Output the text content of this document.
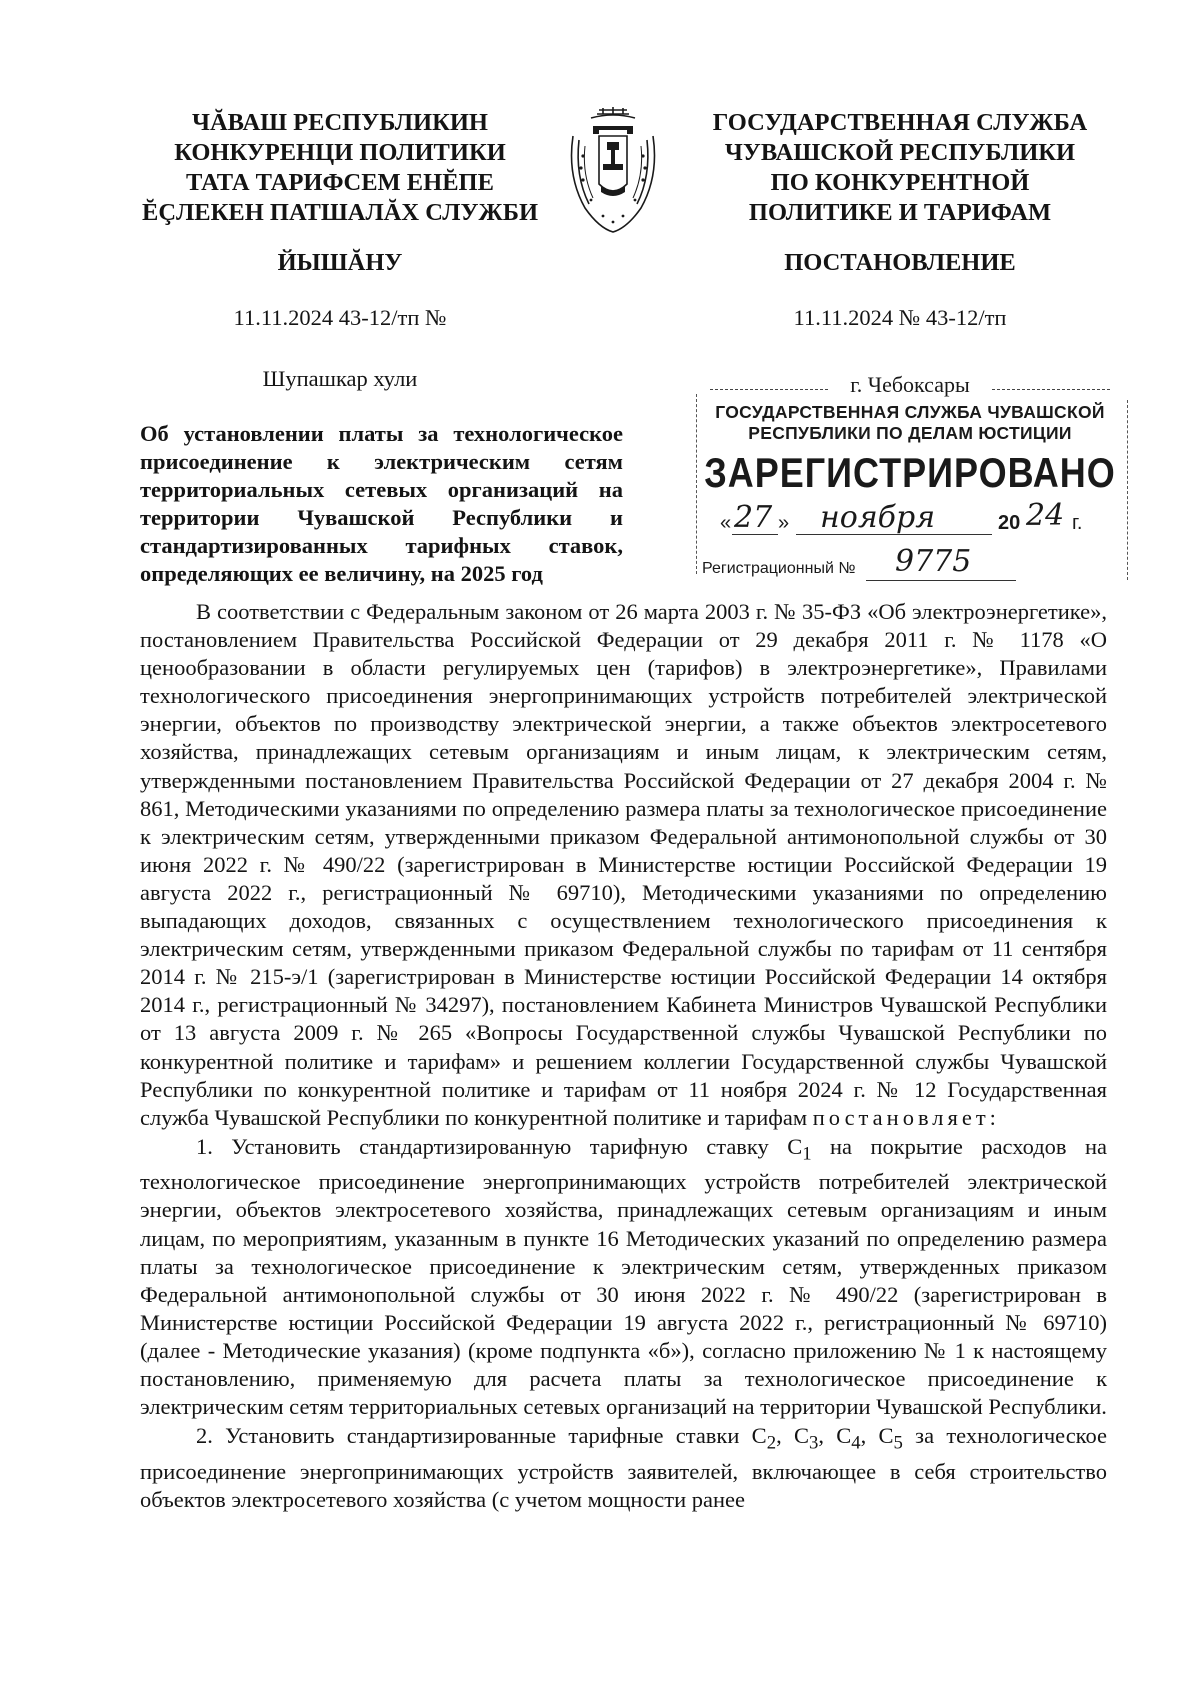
ЧĂВАШ РЕСПУБЛИКИН
КОНКУРЕНЦИ ПОЛИТИКИ
ТАТА ТАРИФСЕМ ЕНĔПЕ
ĔÇЛЕКЕН ПАТШАЛĂХ СЛУЖБИ
ГОСУДАРСТВЕННАЯ СЛУЖБА
ЧУВАШСКОЙ РЕСПУБЛИКИ
ПО КОНКУРЕНТНОЙ
ПОЛИТИКЕ И ТАРИФАМ
ЙЫШĂНУ	ПОСТАНОВЛЕНИЕ
11.11.2024 43-12/тп №	11.11.2024 № 43-12/тп
Шупашкар хули	г. Чебоксары
ГОСУДАРСТВЕННАЯ СЛУЖБА ЧУВАШСКОЙ
РЕСПУБЛИКИ ПО ДЕЛАМ ЮСТИЦИИ
ЗАРЕГИСТРИРОВАНО
« 27 » ноября	20 24 г.
Регистрационный № 9775
Об установлении платы за технологическое
присоединение к электрическим сетям
территориальных сетевых организаций на
территории Чувашской Республики и
стандартизированных тарифных ставок,
определяющих ее величину, на 2025 год

В соответствии с Федеральным законом от 26 марта 2003 г. № 35-ФЗ «Об электроэнергетике», постановлением Правительства Российской Федерации от 29 декабря 2011 г. № 1178 «О ценообразовании в области регулируемых цен (тарифов) в электроэнергетике», Правилами технологического присоединения энергопринимающих устройств потребителей электрической энергии, объектов по производству электрической энергии, а также объектов электросетевого хозяйства, принадлежащих сетевым организациям и иным лицам, к электрическим сетям, утвержденными постановлением Правительства Российской Федерации от 27 декабря 2004 г. № 861, Методическими указаниями по определению размера платы за технологическое присоединение к электрическим сетям, утвержденными приказом Федеральной антимонопольной службы от 30 июня 2022 г. № 490/22 (зарегистрирован в Министерстве юстиции Российской Федерации 19 августа 2022 г., регистрационный № 69710), Методическими указаниями по определению выпадающих доходов, связанных с осуществлением технологического присоединения к электрическим сетям, утвержденными приказом Федеральной службы по тарифам от 11 сентября 2014 г. № 215-э/1 (зарегистрирован в Министерстве юстиции Российской Федерации 14 октября 2014 г., регистрационный № 34297), постановлением Кабинета Министров Чувашской Республики от 13 августа 2009 г. № 265 «Вопросы Государственной службы Чувашской Республики по конкурентной политике и тарифам» и решением коллегии Государственной службы Чувашской Республики по конкурентной политике и тарифам от 11 ноября 2024 г. № 12 Государственная служба Чувашской Республики по конкурентной политике и тарифам постановляет:

1. Установить стандартизированную тарифную ставку $С_1$ на покрытие расходов на технологическое присоединение энергопринимающих устройств потребителей электрической энергии, объектов электросетевого хозяйства, принадлежащих сетевым организациям и иным лицам, по мероприятиям, указанным в пункте 16 Методических указаний по определению размера платы за технологическое присоединение к электрическим сетям, утвержденных приказом Федеральной антимонопольной службы от 30 июня 2022 г. № 490/22 (зарегистрирован в Министерстве юстиции Российской Федерации 19 августа 2022 г., регистрационный № 69710) (далее - Методические указания) (кроме подпункта «б»), согласно приложению № 1 к настоящему постановлению, применяемую для расчета платы за технологическое присоединение к электрическим сетям территориальных сетевых организаций на территории Чувашской Республики.

2. Установить стандартизированные тарифные ставки $С_2$, $С_3$, $С_4$, $С_5$ за технологическое присоединение энергопринимающих устройств заявителей, включающее в себя строительство объектов электросетевого хозяйства (с учетом мощности ранее
